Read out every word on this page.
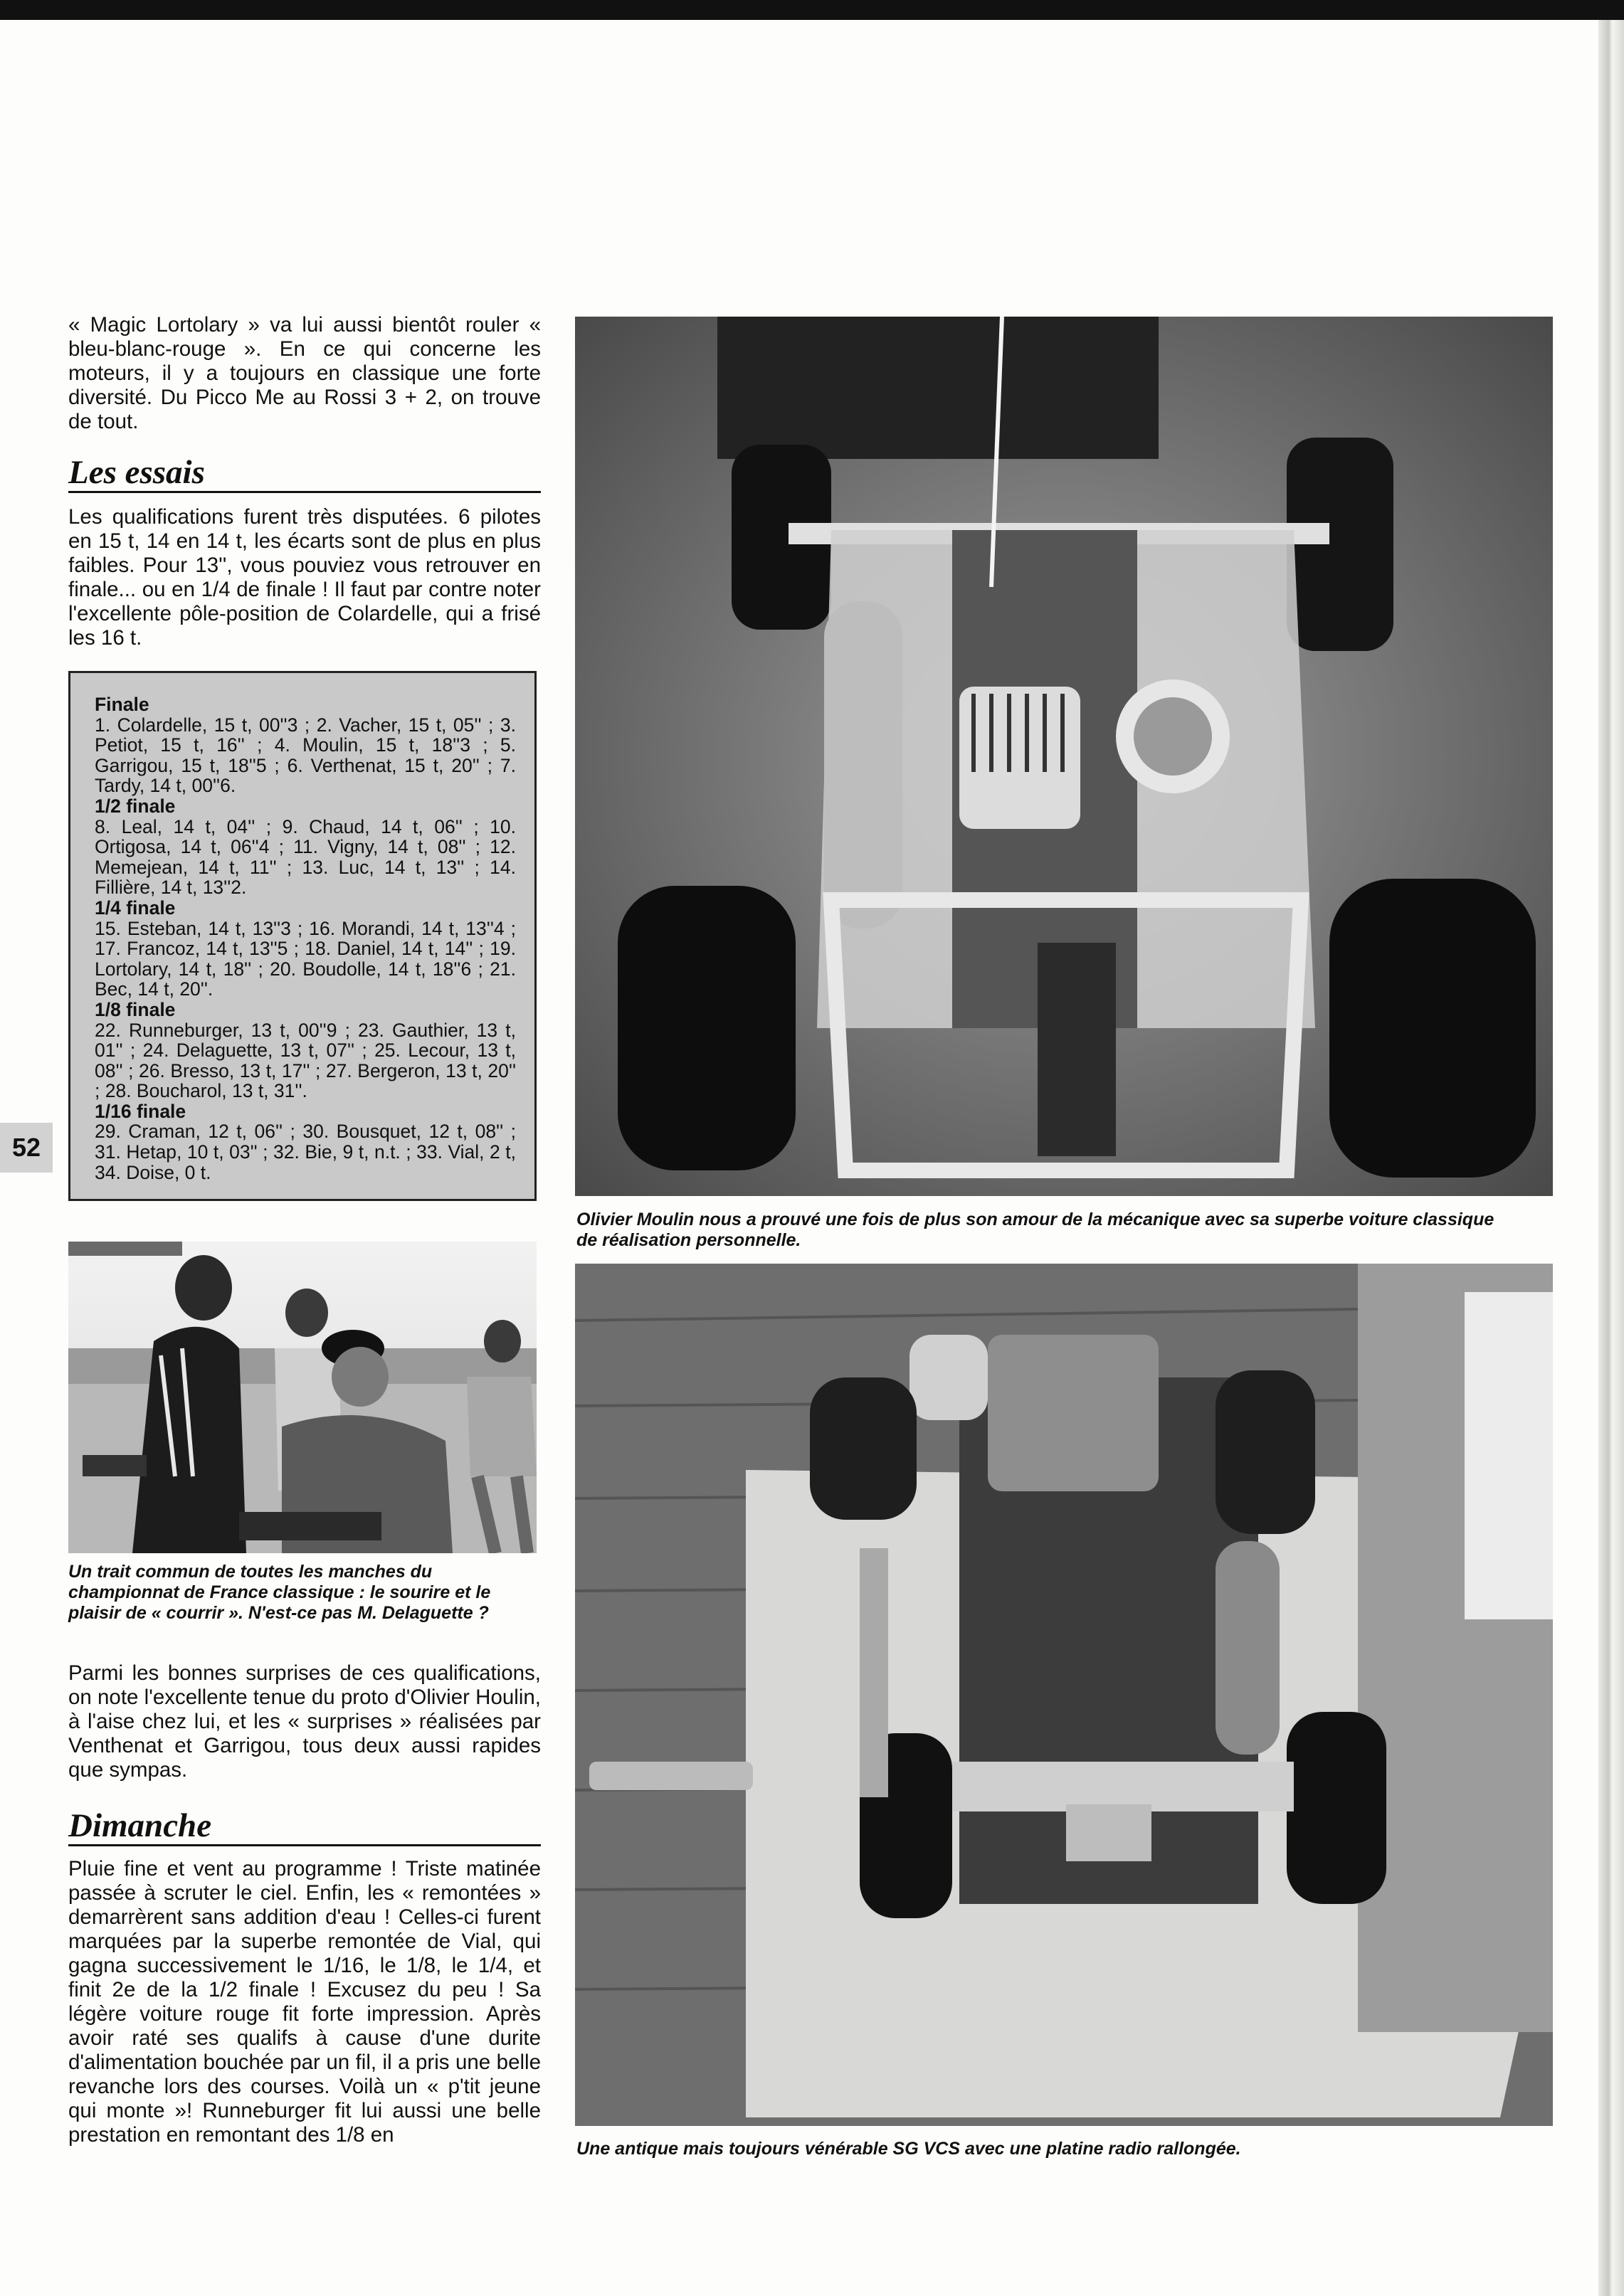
« Magic Lortolary » va lui aussi bientôt rouler « bleu-blanc-rouge ». En ce qui concerne les moteurs, il y a toujours en classique une forte diversité. Du Picco Me au Rossi 3 + 2, on trouve de tout.

Les essais

Les qualifications furent très disputées. 6 pilotes en 15 t, 14 en 14 t, les écarts sont de plus en plus faibles. Pour 13'', vous pouviez vous retrouver en finale... ou en 1/4 de finale ! Il faut par contre noter l'excellente pôle-position de Colardelle, qui a frisé les 16 t.

Finale
1. Colardelle, 15 t, 00''3 ; 2. Vacher, 15 t, 05'' ; 3. Petiot, 15 t, 16'' ; 4. Moulin, 15 t, 18''3 ; 5. Garrigou, 15 t, 18''5 ; 6. Verthenat, 15 t, 20'' ; 7. Tardy, 14 t, 00''6.
1/2 finale
8. Leal, 14 t, 04'' ; 9. Chaud, 14 t, 06'' ; 10. Ortigosa, 14 t, 06''4 ; 11. Vigny, 14 t, 08'' ; 12. Memejean, 14 t, 11'' ; 13. Luc, 14 t, 13'' ; 14. Fillière, 14 t, 13''2.
1/4 finale
15. Esteban, 14 t, 13''3 ; 16. Morandi, 14 t, 13''4 ; 17. Francoz, 14 t, 13''5 ; 18. Daniel, 14 t, 14'' ; 19. Lortolary, 14 t, 18'' ; 20. Boudolle, 14 t, 18''6 ; 21. Bec, 14 t, 20''.
1/8 finale
22. Runneburger, 13 t, 00''9 ; 23. Gauthier, 13 t, 01'' ; 24. Delaguette, 13 t, 07'' ; 25. Lecour, 13 t, 08'' ; 26. Bresso, 13 t, 17'' ; 27. Bergeron, 13 t, 20'' ; 28. Boucharol, 13 t, 31''.
1/16 finale
29. Craman, 12 t, 06'' ; 30. Bousquet, 12 t, 08'' ; 31. Hetap, 10 t, 03'' ; 32. Bie, 9 t, n.t. ; 33. Vial, 2 t, 34. Doise, 0 t.
52
Un trait commun de toutes les manches du championnat de France classique : le sourire et le plaisir de « courrir ». N'est-ce pas M. Delaguette ?

Parmi les bonnes surprises de ces qualifications, on note l'excellente tenue du proto d'Olivier Houlin, à l'aise chez lui, et les « surprises » réalisées par Venthenat et Garrigou, tous deux aussi rapides que sympas.

Dimanche

Pluie fine et vent au programme ! Triste matinée passée à scruter le ciel. Enfin, les « remontées » demarrèrent sans addition d'eau ! Celles-ci furent marquées par la superbe remontée de Vial, qui gagna successivement le 1/16, le 1/8, le 1/4, et finit 2e de la 1/2 finale ! Excusez du peu ! Sa légère voiture rouge fit forte impression. Après avoir raté ses qualifs à cause d'une durite d'alimentation bouchée par un fil, il a pris une belle revanche lors des courses. Voilà un « p'tit jeune qui monte »! Runneburger fit lui aussi une belle prestation en remontant des 1/8 en

Olivier Moulin nous a prouvé une fois de plus son amour de la mécanique avec sa superbe voiture classique de réalisation personnelle.
Une antique mais toujours vénérable SG VCS avec une platine radio rallongée.
